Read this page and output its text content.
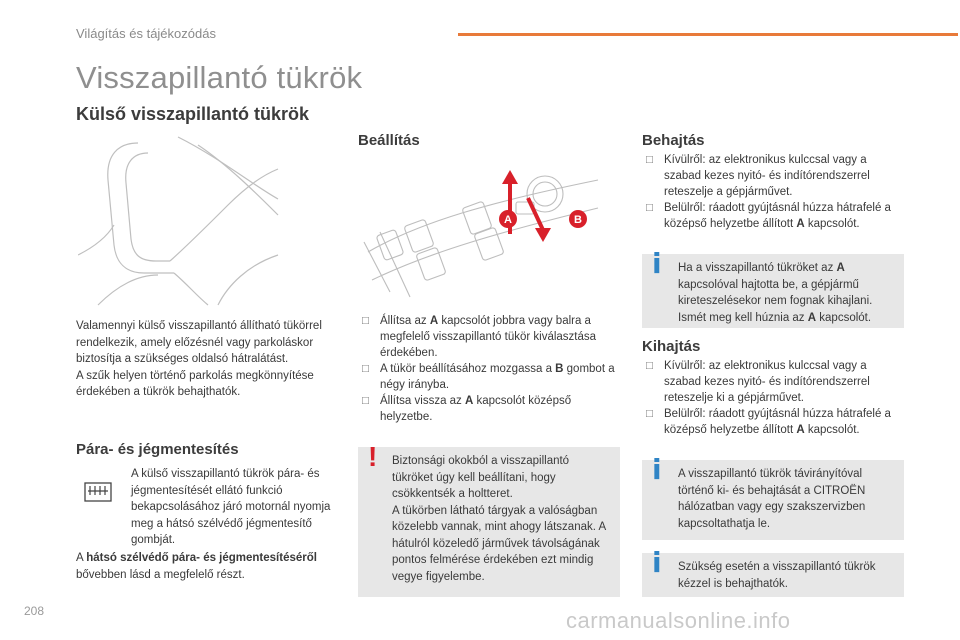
Világítás és tájékozódás
Visszapillantó tükrök
Külső visszapillantó tükrök

Valamennyi külső visszapillantó állítható tükörrel rendelkezik, amely előzésnél vagy parkoláskor biztosítja a szükséges oldalsó hátralátást.

A szűk helyen történő parkolás megkönnyítése érdekében a tükrök behajthatók.

Pára- és jégmentesítés

A külső visszapillantó tükrök pára- és jégmentesítését ellátó funkció bekapcsolásához járó motornál nyomja meg a hátsó szélvédő jégmentesítő gombját.

A hátsó szélvédő pára- és jégmentesítéséről bővebben lásd a megfelelő részt.

Beállítás
A	B
□ Állítsa az A kapcsolót jobbra vagy balra a megfelelő visszapillantó tükör kiválasztása érdekében.
□ A tükör beállításához mozgassa a B gombot a négy irányba.
□ Állítsa vissza az A kapcsolót középső helyzetbe.
! Biztonsági okokból a visszapillantó tükröket úgy kell beállítani, hogy csökkentsék a holtteret.

A tükörben látható tárgyak a valóságban közelebb vannak, mint ahogy látszanak. A hátulról közeledő járművek távolságának pontos felmérése érdekében ezt mindig vegye figyelembe.

Behajtás
□ Kívülről: az elektronikus kulccsal vagy a szabad kezes nyitó- és indítórendszerrel reteszelje a gépjárművet.
□ Belülről: ráadott gyújtásnál húzza hátrafelé a középső helyzetbe állított A kapcsolót.
i Ha a visszapillantó tükröket az A kapcsolóval hajtotta be, a gépjármű kireteszelésekor nem fognak kihajlani. Ismét meg kell húznia az A kapcsolót.

Kihajtás
□ Kívülről: az elektronikus kulccsal vagy a szabad kezes nyitó- és indítórendszerrel reteszelje ki a gépjárművet.
□ Belülről: ráadott gyújtásnál húzza hátrafelé a középső helyzetbe állított A kapcsolót.
i A visszapillantó tükrök távirányítóval történő ki- és behajtását a CITROËN hálózatban vagy egy szakszervizben kapcsoltathatja le.

i Szükség esetén a visszapillantó tükrök kézzel is behajthatók.

208	carmanualsonline.info
